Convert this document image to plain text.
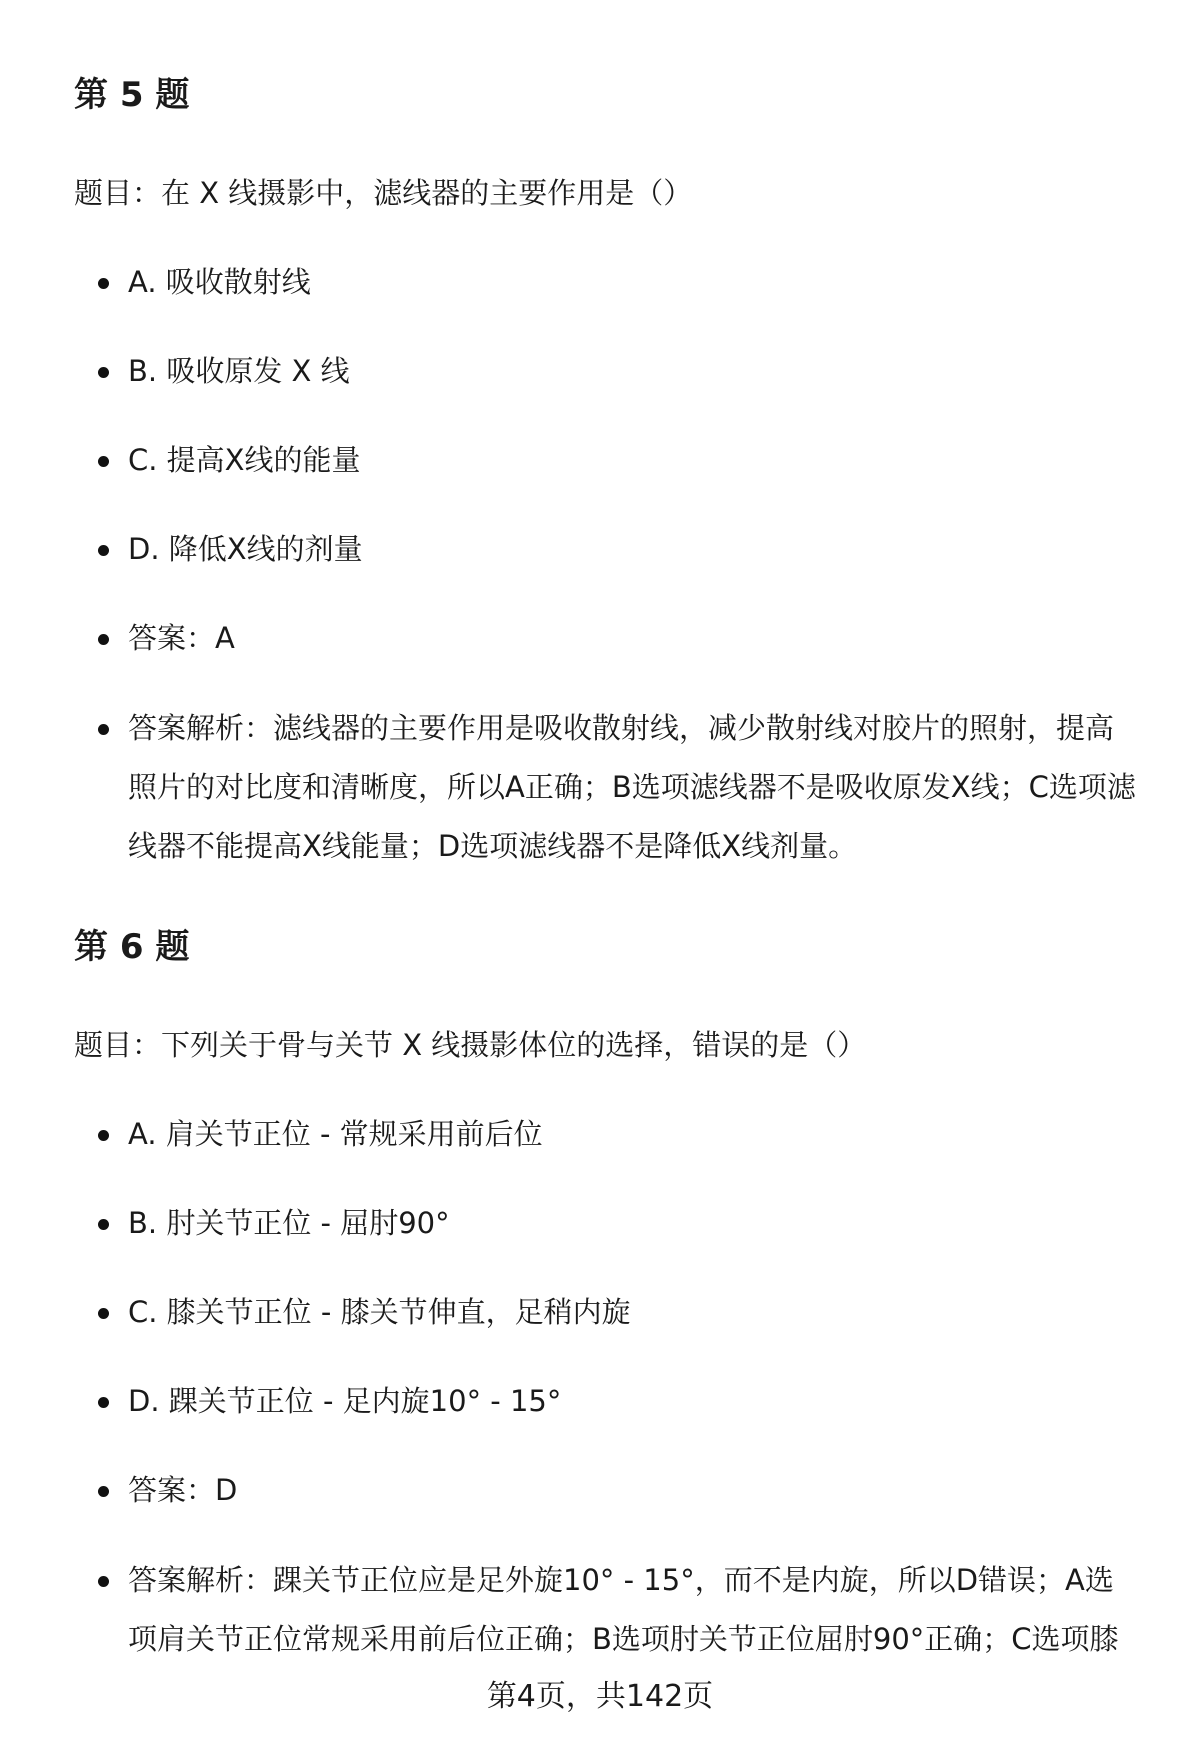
第 5 题

题目：在 X 线摄影中，滤线器的主要作用是（）

A. 吸收散射线
B. 吸收原发 X 线
C. 提高X线的能量
D. 降低X线的剂量
答案：A
答案解析：滤线器的主要作用是吸收散射线，减少散射线对胶片的照射，提高照片的对比度和清晰度，所以A正确；B选项滤线器不是吸收原发X线；C选项滤线器不能提高X线能量；D选项滤线器不是降低X线剂量。
第 6 题

题目：下列关于骨与关节 X 线摄影体位的选择，错误的是（）

A. 肩关节正位 - 常规采用前后位
B. 肘关节正位 - 屈肘90°
C. 膝关节正位 - 膝关节伸直，足稍内旋
D. 踝关节正位 - 足内旋10° - 15°
答案：D
答案解析：踝关节正位应是足外旋10° - 15°，而不是内旋，所以D错误；A选项肩关节正位常规采用前后位正确；B选项肘关节正位屈肘90°正确；C选项膝
第4页，共142页
